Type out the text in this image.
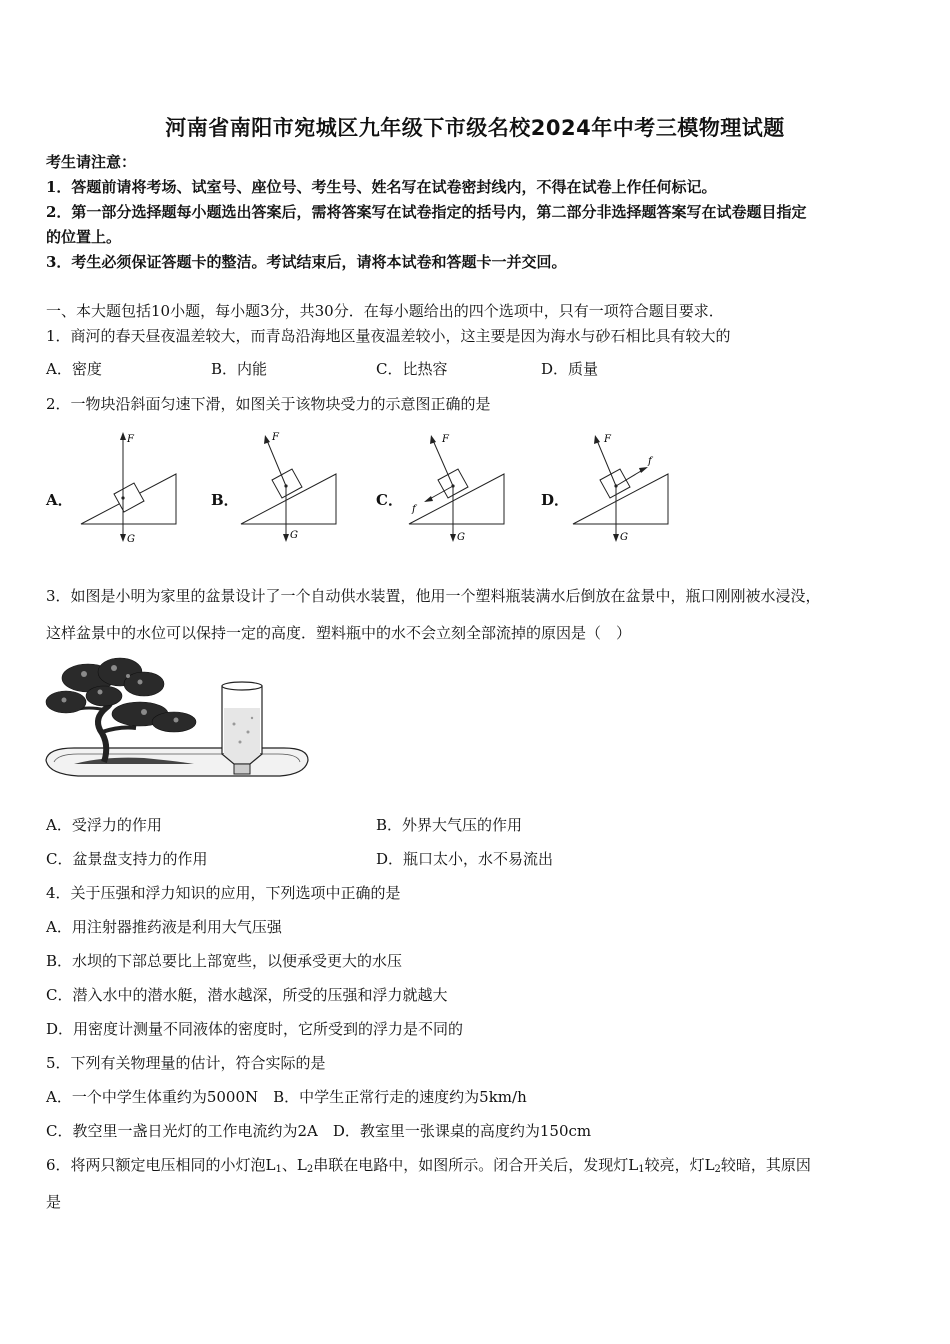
河南省南阳市宛城区九年级下市级名校2024年中考三模物理试题
考生请注意：
1．答题前请将考场、试室号、座位号、考生号、姓名写在试卷密封线内，不得在试卷上作任何标记。
2．第一部分选择题每小题选出答案后，需将答案写在试卷指定的括号内，第二部分非选择题答案写在试卷题目指定
的位置上。
3．考生必须保证答题卡的整洁。考试结束后，请将本试卷和答题卡一并交回。
一、本大题包括10小题，每小题3分，共30分．在每小题给出的四个选项中，只有一项符合题目要求．
1．商河的春天昼夜温差较大，而青岛沿海地区量夜温差较小，这主要是因为海水与砂石相比具有较大的
A．密度	B．内能	C．比热容	D．质量
2．一物块沿斜面匀速下滑，如图关于该物块受力的示意图正确的是
A．
F
G
B．
F
G
C．
F
f
G
D．
F
f
G
3．如图是小明为家里的盆景设计了一个自动供水装置，他用一个塑料瓶装满水后倒放在盆景中，瓶口刚刚被水浸没，
这样盆景中的水位可以保持一定的高度．塑料瓶中的水不会立刻全部流掉的原因是（　）
A．受浮力的作用	B．外界大气压的作用
C．盆景盘支持力的作用	D．瓶口太小，水不易流出
4．关于压强和浮力知识的应用，下列选项中正确的是
A．用注射器推药液是利用大气压强
B．水坝的下部总要比上部宽些，以便承受更大的水压
C．潜入水中的潜水艇，潜水越深，所受的压强和浮力就越大
D．用密度计测量不同液体的密度时，它所受到的浮力是不同的
5．下列有关物理量的估计，符合实际的是
A．一个中学生体重约为5000N　B．中学生正常行走的速度约为5km/h
C．教空里一盏日光灯的工作电流约为2A　D．教室里一张课桌的高度约为150cm
6．将两只额定电压相同的小灯泡$L_1$、$L_2$串联在电路中，如图所示。闭合开关后，发现灯$L_1$较亮，灯$L_2$较暗，其原因
是
